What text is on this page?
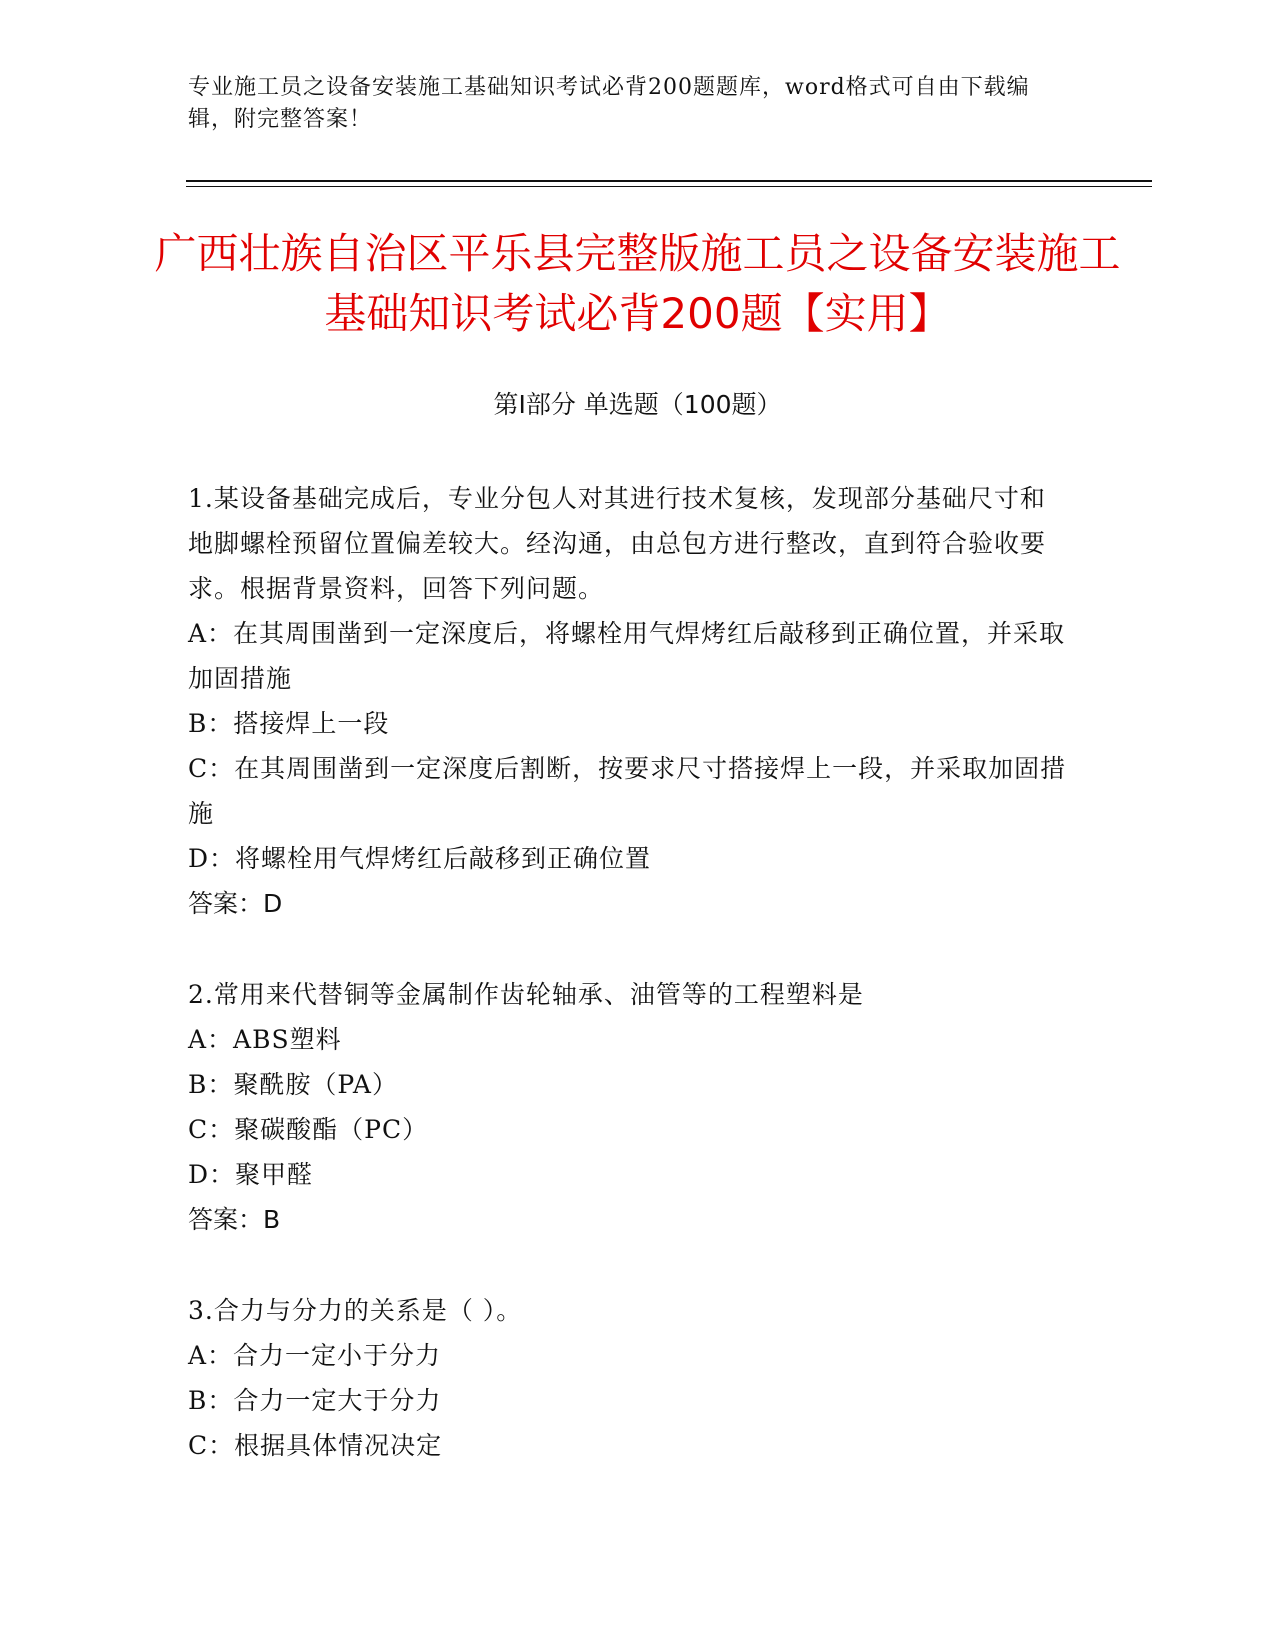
专业施工员之设备安装施工基础知识考试必背200题题库，word格式可自由下载编辑，附完整答案！
广西壮族自治区平乐县完整版施工员之设备安装施工基础知识考试必背200题【实用】
第Ⅰ部分 单选题（100题）
1.某设备基础完成后，专业分包人对其进行技术复核，发现部分基础尺寸和地脚螺栓预留位置偏差较大。经沟通，由总包方进行整改，直到符合验收要求。根据背景资料，回答下列问题。
A：在其周围凿到一定深度后，将螺栓用气焊烤红后敲移到正确位置，并采取加固措施
B：搭接焊上一段
C：在其周围凿到一定深度后割断，按要求尺寸搭接焊上一段，并采取加固措施
D：将螺栓用气焊烤红后敲移到正确位置
答案：D
2.常用来代替铜等金属制作齿轮轴承、油管等的工程塑料是
A：ABS塑料
B：聚酰胺（PA）
C：聚碳酸酯（PC）
D：聚甲醛
答案：B
3.合力与分力的关系是（ ）。
A：合力一定小于分力
B：合力一定大于分力
C：根据具体情况决定
